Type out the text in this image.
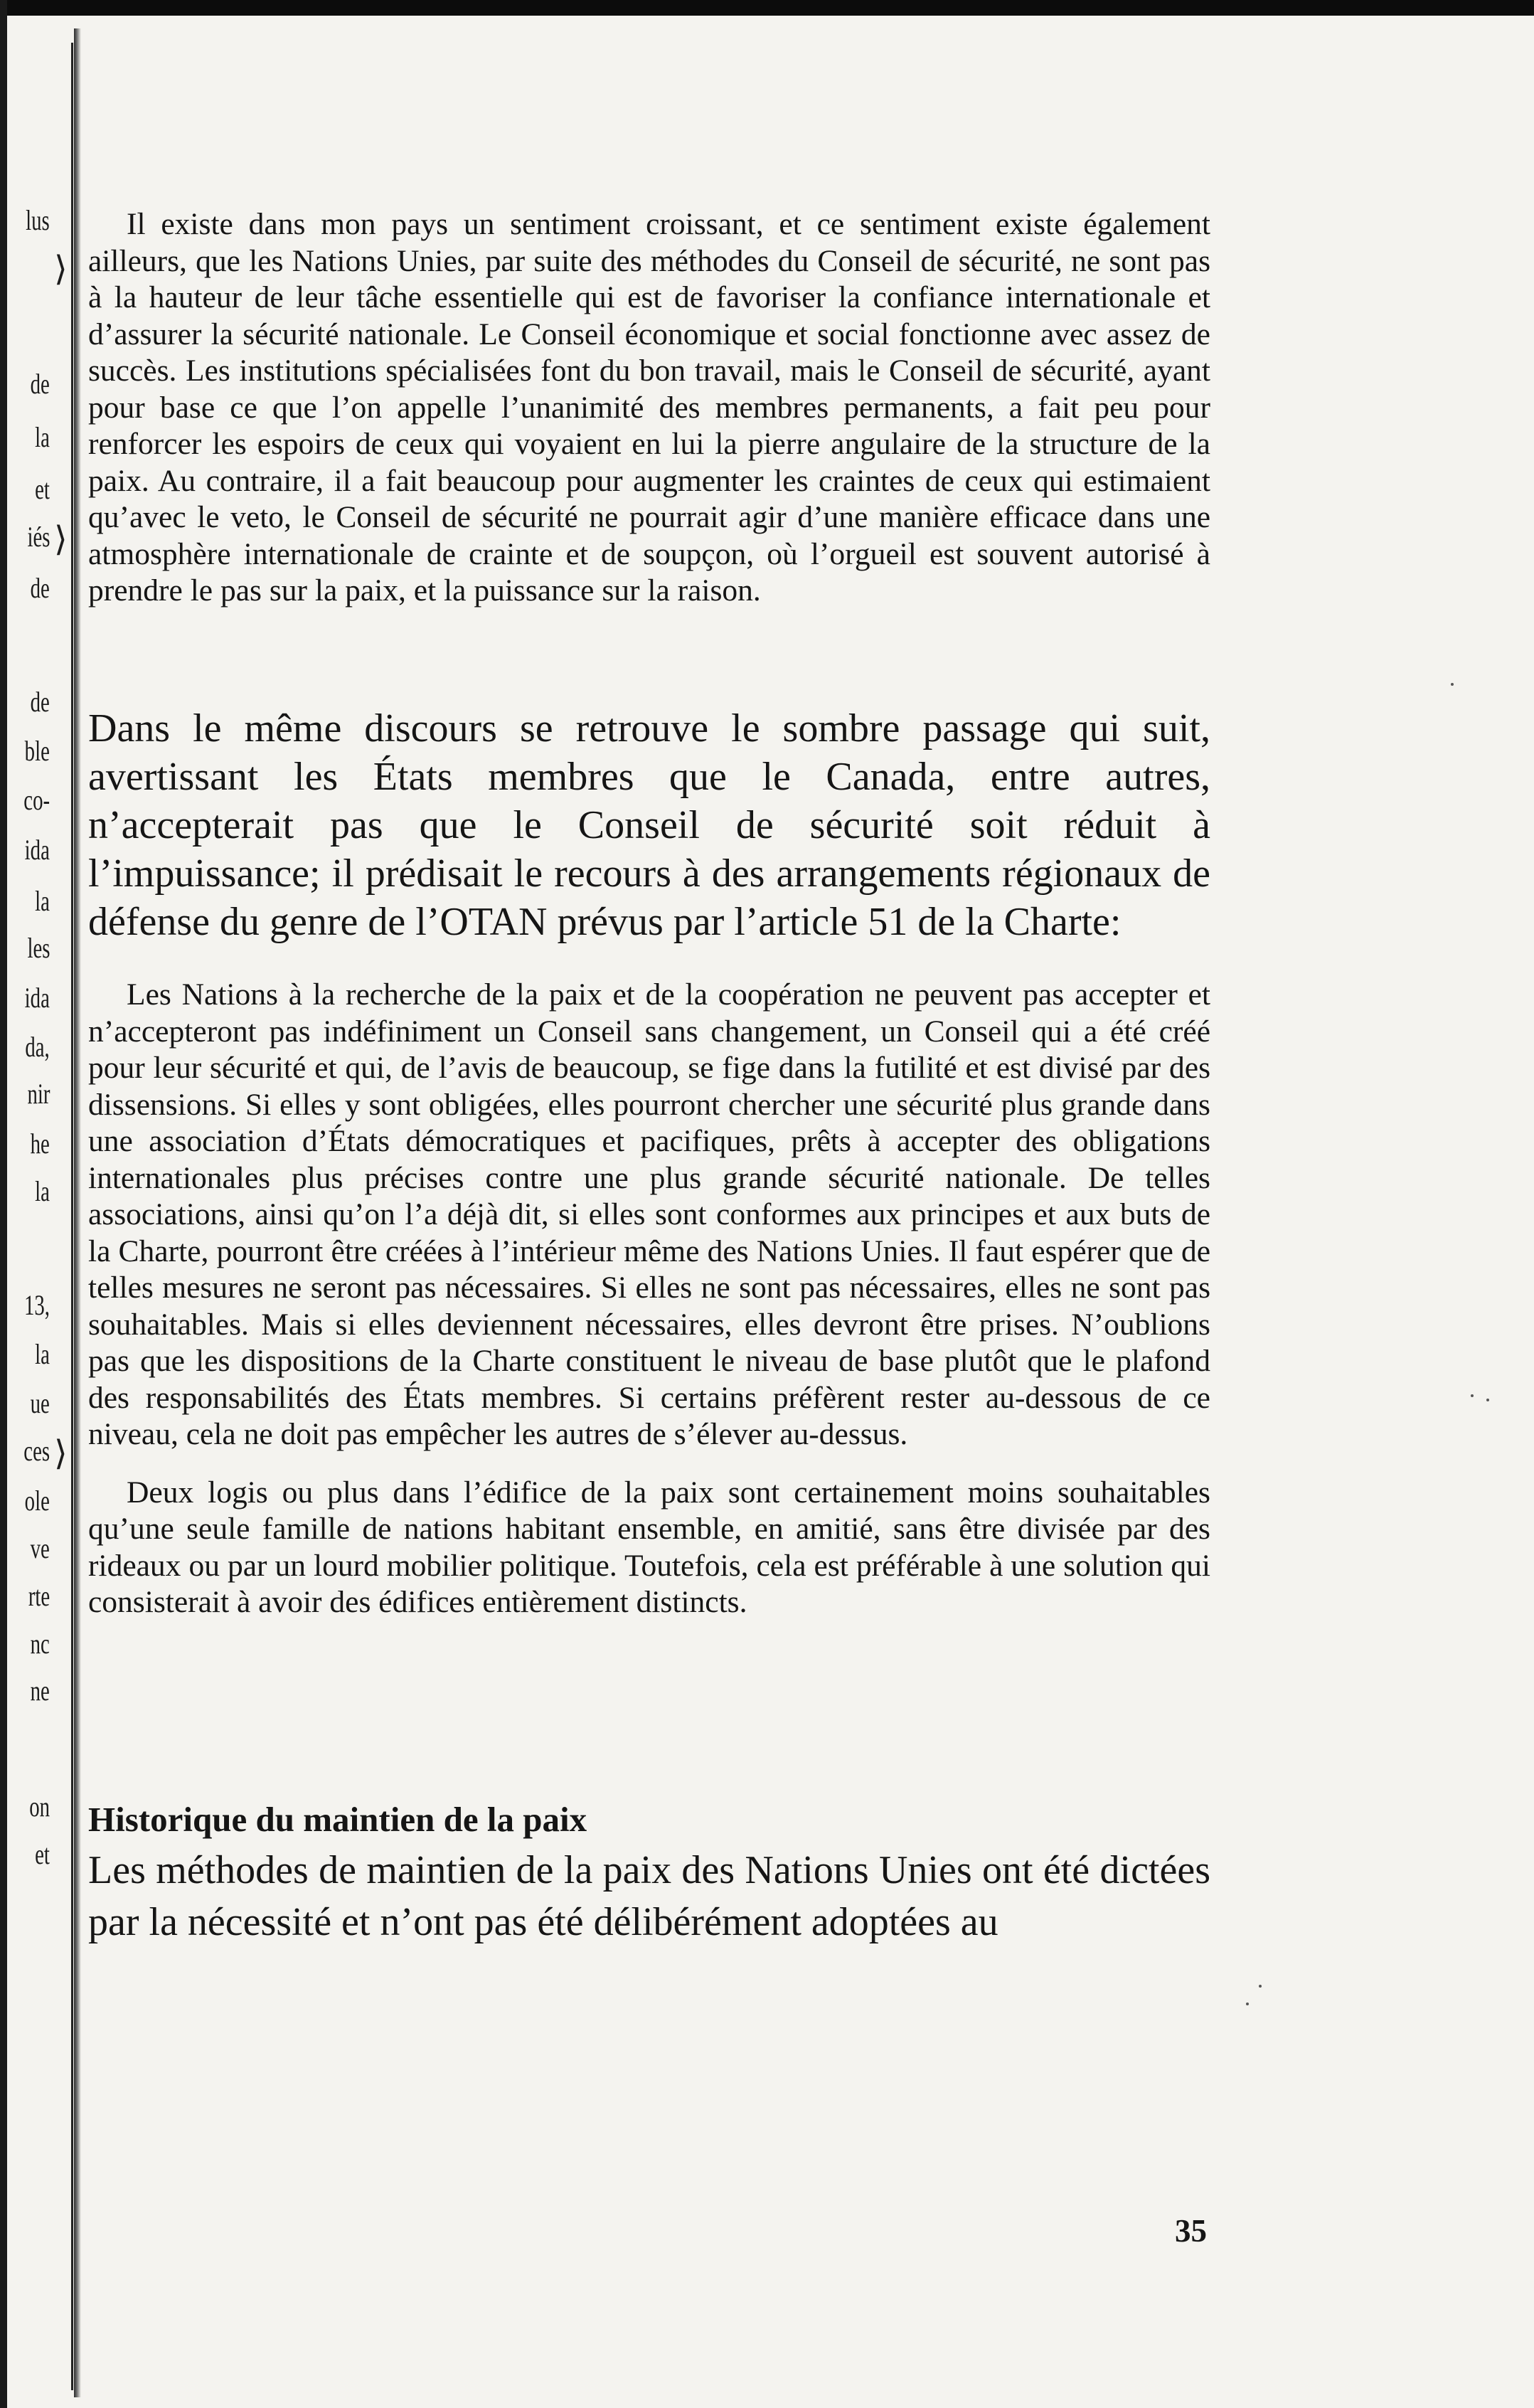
lus
de
la
et
iés
de
de
ble
co-
ida
la
les
ida
da,
nir
he
la
13,
la
ue
ces
ole
ve
rte
nc
ne
on
et
⟩
⟩
⟩

Il existe dans mon pays un sentiment croissant, et ce sentiment existe également ailleurs, que les Nations Unies, par suite des méthodes du Conseil de sécurité, ne sont pas à la hauteur de leur tâche essentielle qui est de favoriser la confiance internationale et d’assurer la sécurité nationale. Le Conseil économique et social fonctionne avec assez de succès. Les institutions spécialisées font du bon travail, mais le Conseil de sécurité, ayant pour base ce que l’on appelle l’unanimité des membres permanents, a fait peu pour renforcer les espoirs de ceux qui voyaient en lui la pierre angulaire de la structure de la paix. Au contraire, il a fait beaucoup pour augmenter les craintes de ceux qui estimaient qu’avec le veto, le Conseil de sécurité ne pourrait agir d’une manière efficace dans une atmosphère internationale de crainte et de soupçon, où l’orgueil est souvent autorisé à prendre le pas sur la paix, et la puissance sur la raison.

Dans le même discours se retrouve le sombre passage qui suit, avertissant les États membres que le Canada, entre autres, n’accepterait pas que le Conseil de sécurité soit réduit à l’impuissance; il prédisait le recours à des arrangements régionaux de défense du genre de l’OTAN prévus par l’article 51 de la Charte:

Les Nations à la recherche de la paix et de la coopération ne peuvent pas accepter et n’accepteront pas indéfiniment un Conseil sans changement, un Conseil qui a été créé pour leur sécurité et qui, de l’avis de beaucoup, se fige dans la futilité et est divisé par des dissensions. Si elles y sont obligées, elles pourront chercher une sécurité plus grande dans une association d’États démocratiques et pacifiques, prêts à accepter des obligations internationales plus précises contre une plus grande sécurité nationale. De telles associations, ainsi qu’on l’a déjà dit, si elles sont conformes aux principes et aux buts de la Charte, pourront être créées à l’intérieur même des Nations Unies. Il faut espérer que de telles mesures ne seront pas nécessaires. Si elles ne sont pas nécessaires, elles ne sont pas souhaitables. Mais si elles deviennent nécessaires, elles devront être prises. N’oublions pas que les dispositions de la Charte constituent le niveau de base plutôt que le plafond des responsabilités des États membres. Si certains préfèrent rester au-dessous de ce niveau, cela ne doit pas empêcher les autres de s’élever au-dessus.

Deux logis ou plus dans l’édifice de la paix sont certainement moins souhaitables qu’une seule famille de nations habitant ensemble, en amitié, sans être divisée par des rideaux ou par un lourd mobilier politique. Toutefois, cela est préférable à une solution qui consisterait à avoir des édifices entièrement distincts.

Historique du maintien de la paix

Les méthodes de maintien de la paix des Nations Unies ont été dictées par la nécessité et n’ont pas été délibérément adoptées au

35
